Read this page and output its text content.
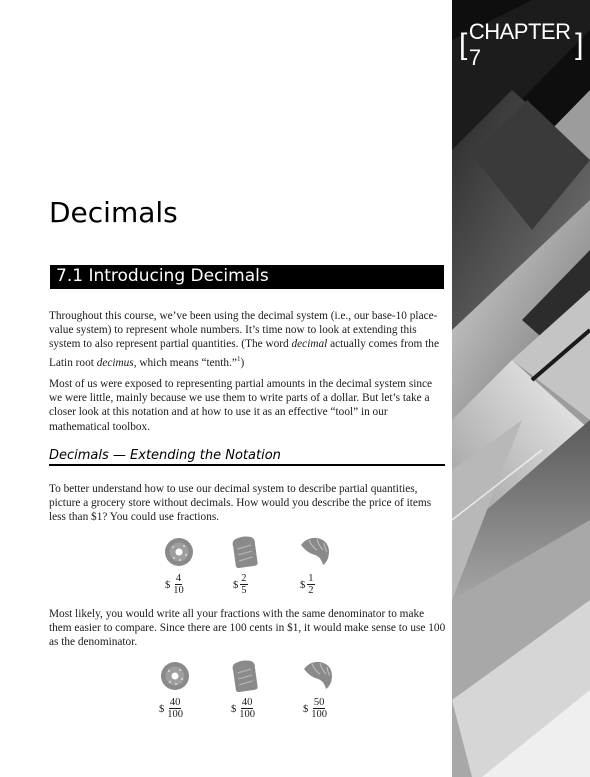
[ CHAPTER 7	]
Decimals
7.1 Introducing Decimals

Throughout this course, we’ve been using the decimal system (i.e., our base-10 place-value system) to represent whole numbers. It’s time now to look at extending this system to also represent partial quantities. (The word decimal actually comes from the Latin root decimus, which means “tenth.”$^1$)

Most of us were exposed to representing partial amounts in the decimal system since we were little, mainly because we use them to write parts of a dollar. But let’s take a closer look at this notation and at how to use it as an effective “tool” in our mathematical toolbox.

Decimals — Extending the Notation

To better understand how to use our decimal system to describe partial quantities, picture a grocery store without decimals. How would you describe the price of items less than $1? You could use fractions.

$ $\frac{4}{10}$	$ $\frac{2}{5}$	$ $\frac{1}{2}$

Most likely, you would write all your fractions with the same denominator to make them easier to compare. Since there are 100 cents in $1, it would make sense to use 100 as the denominator.

$ $\frac{40}{100}$	$ $\frac{40}{100}$	$ $\frac{50}{100}$
